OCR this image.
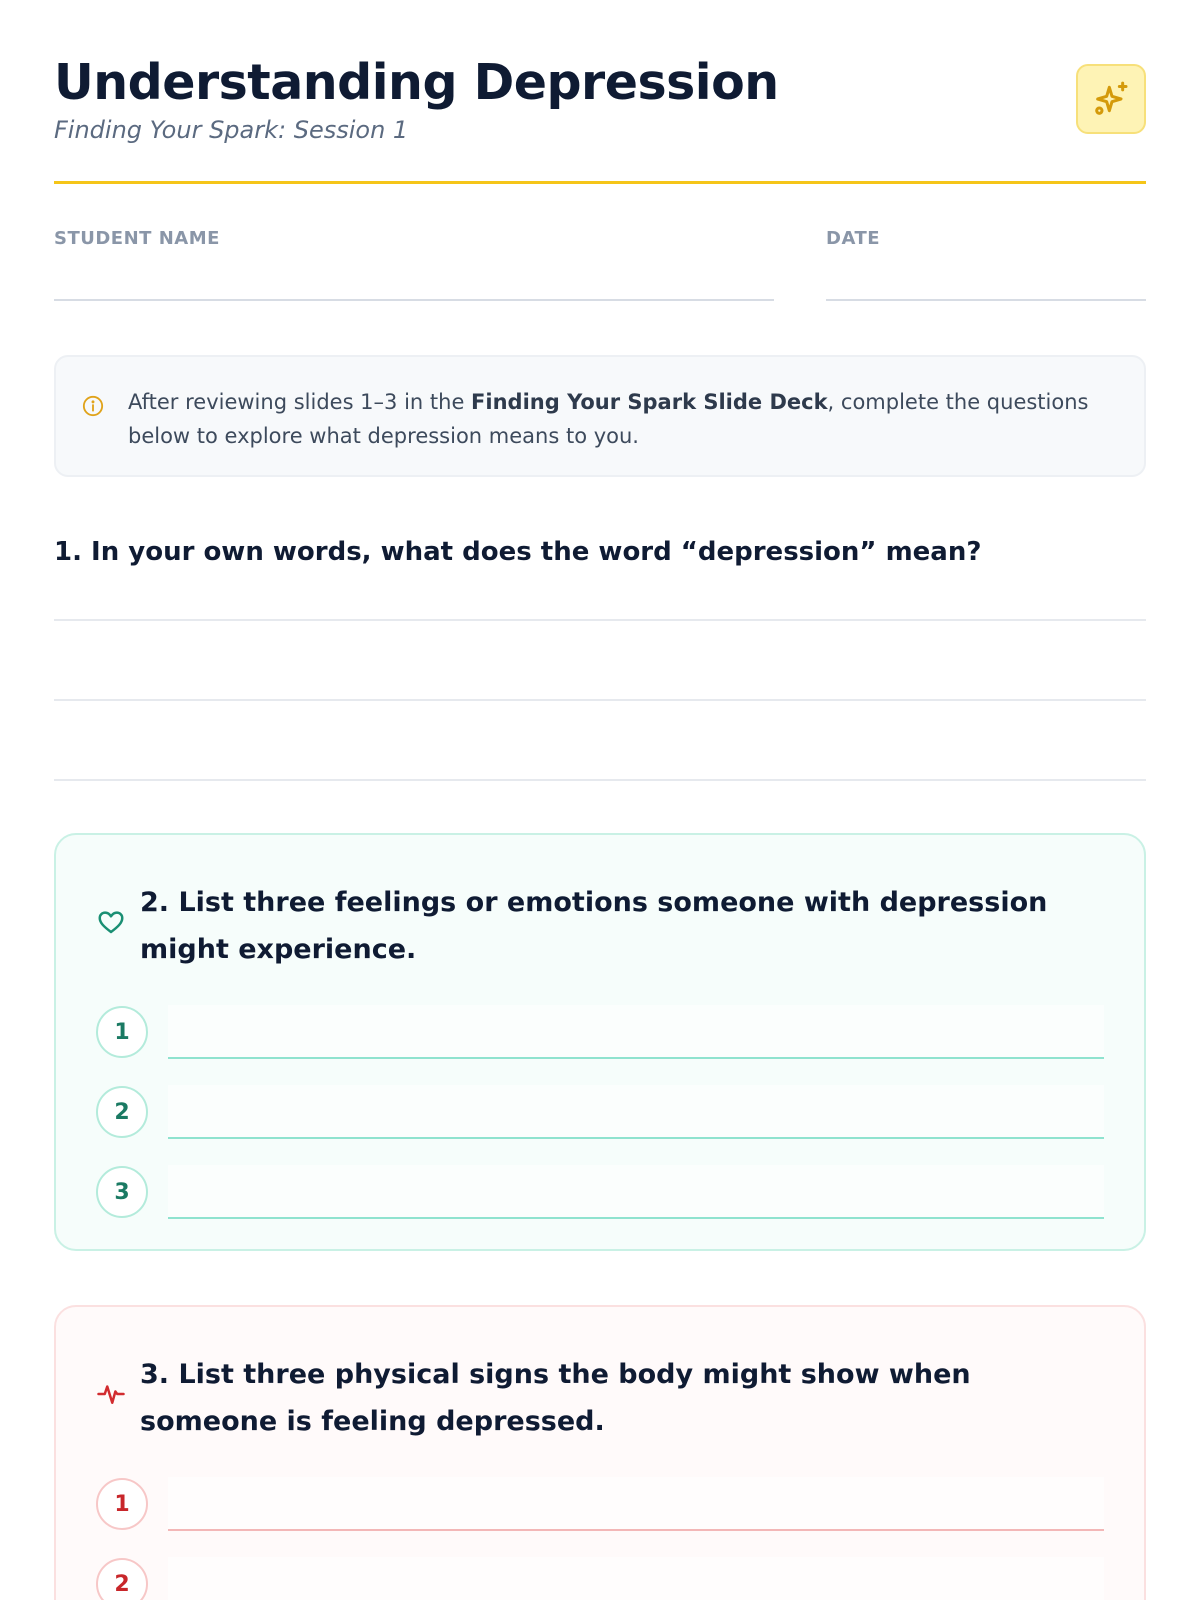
Understanding Depression
Finding Your Spark: Session 1
STUDENT NAME	DATE

After reviewing slides 1–3 in the Finding Your Spark Slide Deck, complete the questions below to explore what depression means to you.

1. In your own words, what does the word “depression” mean?
2. List three feelings or emotions someone with depression might experience.
1
2
3
3. List three physical signs the body might show when someone is feeling depressed.
1
2
